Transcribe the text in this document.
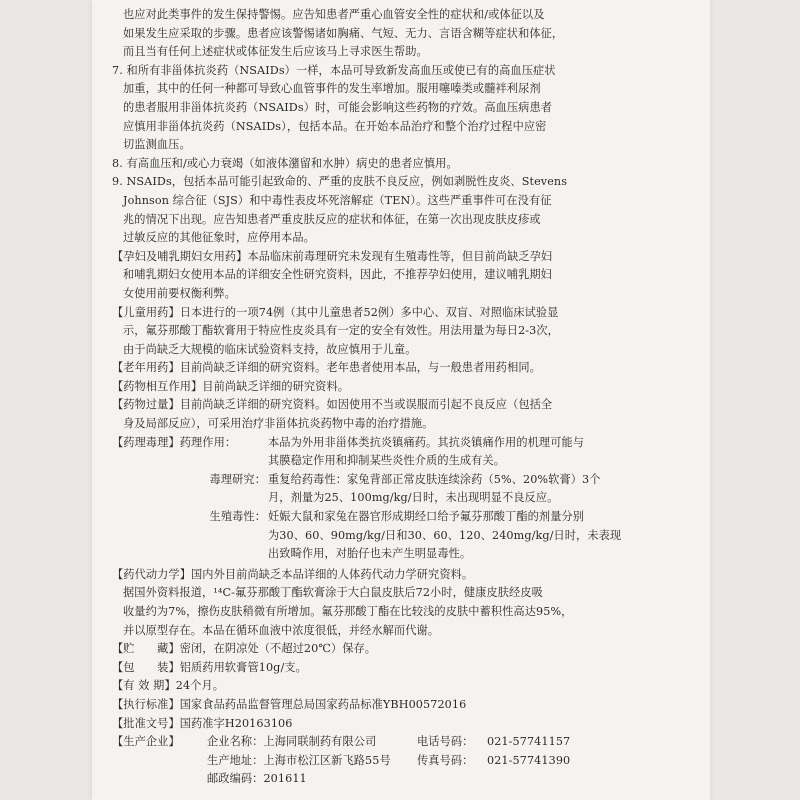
也应对此类事件的发生保持警惕。应告知患者严重心血管安全性的症状和/或体征以及

如果发生应采取的步骤。患者应该警惕诸如胸痛、气短、无力、言语含糊等症状和体征，

而且当有任何上述症状或体征发生后应该马上寻求医生帮助。

7. 和所有非甾体抗炎药（NSAIDs）一样，本品可导致新发高血压或使已有的高血压症状

加重，其中的任何一种都可导致心血管事件的发生率增加。服用噻嗪类或髓袢利尿剂

的患者服用非甾体抗炎药（NSAIDs）时，可能会影响这些药物的疗效。高血压病患者

应慎用非甾体抗炎药（NSAIDs），包括本品。在开始本品治疗和整个治疗过程中应密

切监测血压。

8. 有高血压和/或心力衰竭（如液体潴留和水肿）病史的患者应慎用。

9. NSAIDs，包括本品可能引起致命的、严重的皮肤不良反应，例如剥脱性皮炎、Stevens

Johnson 综合征（SJS）和中毒性表皮坏死溶解症（TEN）。这些严重事件可在没有征

兆的情况下出现。应告知患者严重皮肤反应的症状和体征，在第一次出现皮肤皮疹或

过敏反应的其他征象时，应停用本品。

【孕妇及哺乳期妇女用药】本品临床前毒理研究未发现有生殖毒性等，但目前尚缺乏孕妇

和哺乳期妇女使用本品的详细安全性研究资料，因此，不推荐孕妇使用，建议哺乳期妇

女使用前要权衡利弊。

【儿童用药】日本进行的一项74例（其中儿童患者52例）多中心、双盲、对照临床试验显

示，氟芬那酸丁酯软膏用于特应性皮炎具有一定的安全有效性。用法用量为每日2-3次，

由于尚缺乏大规模的临床试验资料支持，故应慎用于儿童。

【老年用药】目前尚缺乏详细的研究资料。老年患者使用本品，与一般患者用药相同。

【药物相互作用】目前尚缺乏详细的研究资料。

【药物过量】目前尚缺乏详细的研究资料。如因使用不当或误服而引起不良反应（包括全

身及局部反应），可采用治疗非甾体抗炎药物中毒的治疗措施。

【药理毒理】药理作用：	本品为外用非甾体类抗炎镇痛药。其抗炎镇痛作用的机理可能与

其膜稳定作用和抑制某些炎性介质的生成有关。

毒理研究： 重复给药毒性：家兔背部正常皮肤连续涂药（5%、20%软膏）3个

月，剂量为25、100mg/kg/日时，未出现明显不良反应。

生殖毒性： 妊娠大鼠和家兔在器官形成期经口给予氟芬那酸丁酯的剂量分别

为30、60、90mg/kg/日和30、60、120、240mg/kg/日时，未表现

出致畸作用，对胎仔也未产生明显毒性。

【药代动力学】国内外目前尚缺乏本品详细的人体药代动力学研究资料。

据国外资料报道，¹⁴C-氟芬那酸丁酯软膏涂于大白鼠皮肤后72小时，健康皮肤经皮吸

收量约为7%，擦伤皮肤稍微有所增加。氟芬那酸丁酯在比较浅的皮肤中蓄积性高达95%，

并以原型存在。本品在循环血液中浓度很低，并经水解而代谢。

【贮　　藏】密闭，在阴凉处（不超过20℃）保存。

【包　　装】铝质药用软膏管10g/支。

【有 效 期】24个月。

【执行标准】国家食品药品监督管理总局国家药品标准YBH00572016

【批准文号】国药准字H20163106

【生产企业】	企业名称：上海同联制药有限公司	电话号码：	021-57741157
生产地址：上海市松江区新飞路55号	传真号码：	021-57741390
邮政编码：201611
